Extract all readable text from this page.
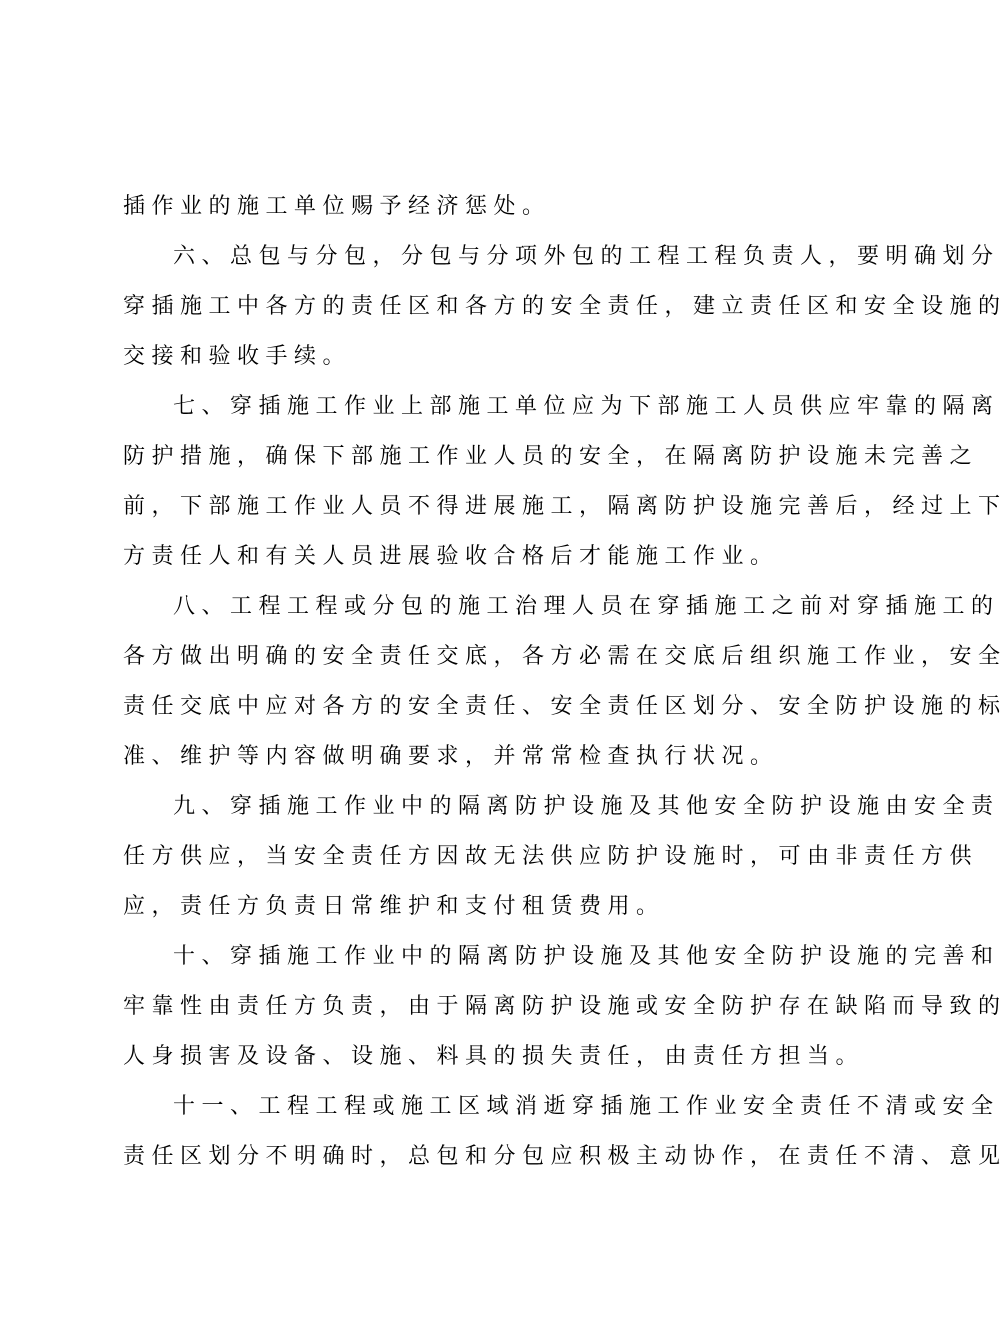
插作业的施工单位赐予经济惩处。
六、总包与分包，分包与分项外包的工程工程负责人，要明确划分
穿插施工中各方的责任区和各方的安全责任，建立责任区和安全设施的
交接和验收手续。
七、穿插施工作业上部施工单位应为下部施工人员供应牢靠的隔离
防护措施，确保下部施工作业人员的安全，在隔离防护设施未完善之
前，下部施工作业人员不得进展施工，隔离防护设施完善后，经过上下
方责任人和有关人员进展验收合格后才能施工作业。
八、工程工程或分包的施工治理人员在穿插施工之前对穿插施工的
各方做出明确的安全责任交底，各方必需在交底后组织施工作业，安全
责任交底中应对各方的安全责任、安全责任区划分、安全防护设施的标
准、维护等内容做明确要求，并常常检查执行状况。
九、穿插施工作业中的隔离防护设施及其他安全防护设施由安全责
任方供应，当安全责任方因故无法供应防护设施时，可由非责任方供
应，责任方负责日常维护和支付租赁费用。
十、穿插施工作业中的隔离防护设施及其他安全防护设施的完善和
牢靠性由责任方负责，由于隔离防护设施或安全防护存在缺陷而导致的
人身损害及设备、设施、料具的损失责任，由责任方担当。
十一、工程工程或施工区域消逝穿插施工作业安全责任不清或安全
责任区划分不明确时，总包和分包应积极主动协作，在责任不清、意见
